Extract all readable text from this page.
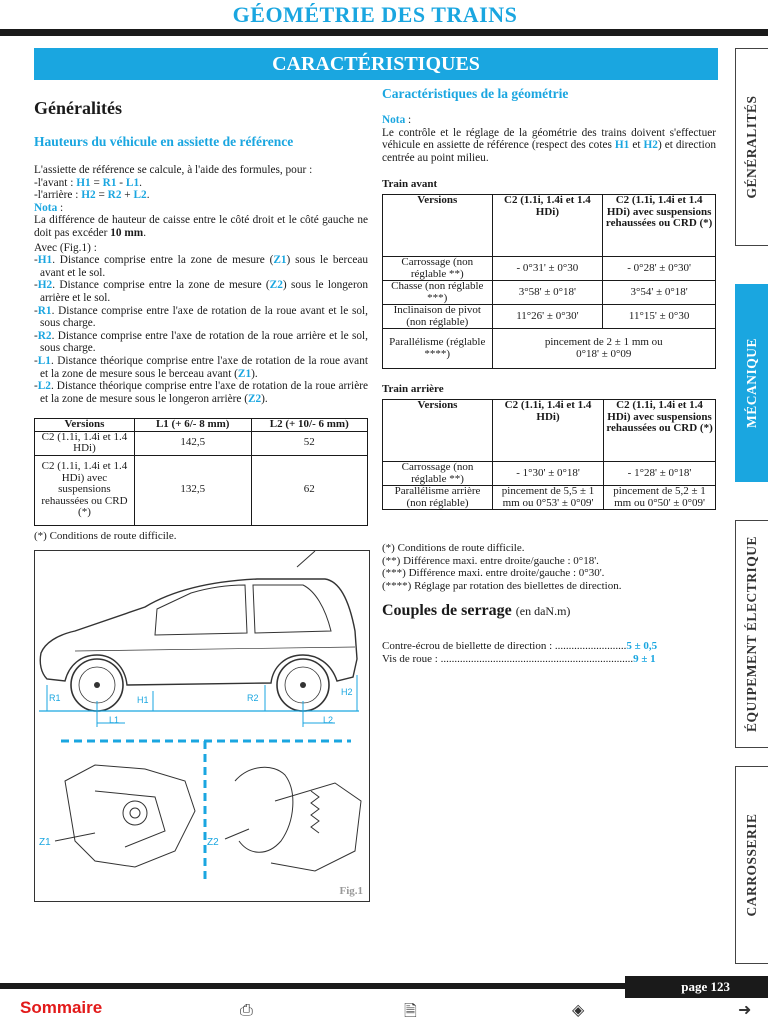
GÉOMÉTRIE DES TRAINS
CARACTÉRISTIQUES
Généralités
Hauteurs du véhicule en assiette de référence
L'assiette de référence se calcule, à l'aide des formules, pour :
-l'avant : H1 = R1 - L1.
-l'arrière : H2 = R2 + L2.
Nota :
La différence de hauteur de caisse entre le côté droit et le côté gauche ne doit pas excéder 10 mm.
Avec (Fig.1) :
-H1. Distance comprise entre la zone de mesure (Z1) sous le berceau avant et le sol.
-H2. Distance comprise entre la zone de mesure (Z2) sous le longeron arrière et le sol.
-R1. Distance comprise entre l'axe de rotation de la roue avant et le sol, sous charge.
-R2. Distance comprise entre l'axe de rotation de la roue arrière et le sol, sous charge.
-L1. Distance théorique comprise entre l'axe de rotation de la roue avant et la zone de mesure sous le berceau avant (Z1).
-L2. Distance théorique comprise entre l'axe de rotation de la roue arrière et la zone de mesure sous le longeron arrière (Z2).
Versions	L1 (+ 6/- 8 mm)	L2 (+ 10/- 6 mm)
C2 (1.1i, 1.4i et 1.4 HDi)	142,5	52
C2 (1.1i, 1.4i et 1.4 HDi) avec suspensions rehaussées ou CRD (*)	132,5	62
(*) Conditions de route difficile.
R1	H1	R2
H2
L1	L2
Z1	Z2
Fig.1
Caractéristiques de la géométrie
Nota :
Le contrôle et le réglage de la géométrie des trains doivent s'effectuer véhicule en assiette de référence (respect des cotes H1 et H2) et direction centrée au point milieu.
Train avant
Versions	C2 (1.1i, 1.4i et 1.4 HDi)	C2 (1.1i, 1.4i et 1.4 HDi) avec suspensions rehaussées ou CRD (*)
Carrossage (non réglable **)	- 0°31' ± 0°30	- 0°28' ± 0°30'
Chasse (non réglable ***)	3°58' ± 0°18'	3°54' ± 0°18'
Inclinaison de pivot (non réglable)	11°26' ± 0°30'	11°15' ± 0°30
Parallélisme (réglable ****)	pincement de 2 ± 1 mm ou 0°18' ± 0°09	
Train arrière
Versions	C2 (1.1i, 1.4i et 1.4 HDi)	C2 (1.1i, 1.4i et 1.4 HDi) avec suspensions rehaussées ou CRD (*)
Carrossage (non réglable **)	- 1°30' ± 0°18'	- 1°28' ± 0°18'
Parallélisme arrière (non réglable)	pincement de 5,5 ± 1 mm ou 0°53' ± 0°09'	pincement de 5,2 ± 1 mm ou 0°50' ± 0°09'
(*) Conditions de route difficile.
(**) Différence maxi. entre droite/gauche : 0°18'.
(***) Différence maxi. entre droite/gauche : 0°30'.
(****) Réglage par rotation des biellettes de direction.
Couples de serrage (en daN.m)
Contre-écrou de biellette de direction : ..........................5 ± 0,5
Vis de roue : ......................................................................9 ± 1
GÉNÉRALITÉS
MÉCANIQUE
ÉQUIPEMENT ÉLECTRIQUE
CARROSSERIE
page 123
Sommaire	⎙	🗎	◈	➜
